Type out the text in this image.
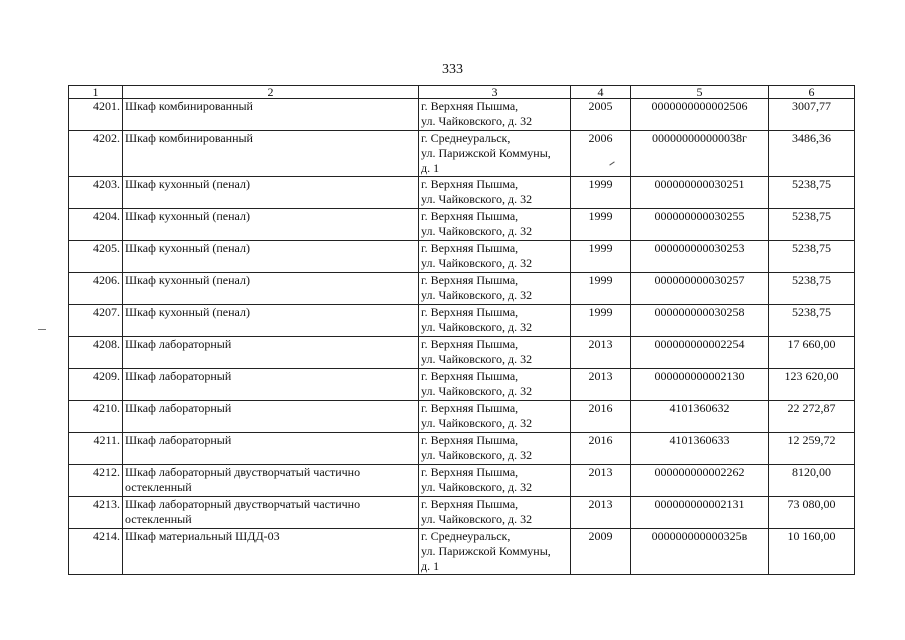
333
1	2	3	4	5	6
4201.	Шкаф комбинированный	г. Верхняя Пышма,
ул. Чайковского, д. 32	2005	0000000000002506	3007,77
4202.	Шкаф комбинированный	г. Среднеуральск,
ул. Парижской Коммуны,
д. 1	2006	000000000000038г	3486,36
4203.	Шкаф кухонный (пенал)	г. Верхняя Пышма,
ул. Чайковского, д. 32	1999	000000000030251	5238,75
4204.	Шкаф кухонный (пенал)	г. Верхняя Пышма,
ул. Чайковского, д. 32	1999	000000000030255	5238,75
4205.	Шкаф кухонный (пенал)	г. Верхняя Пышма,
ул. Чайковского, д. 32	1999	000000000030253	5238,75
4206.	Шкаф кухонный (пенал)	г. Верхняя Пышма,
ул. Чайковского, д. 32	1999	000000000030257	5238,75
4207.	Шкаф кухонный (пенал)	г. Верхняя Пышма,
ул. Чайковского, д. 32	1999	000000000030258	5238,75
4208.	Шкаф лабораторный	г. Верхняя Пышма,
ул. Чайковского, д. 32	2013	000000000002254	17 660,00
4209.	Шкаф лабораторный	г. Верхняя Пышма,
ул. Чайковского, д. 32	2013	000000000002130	123 620,00
4210.	Шкаф лабораторный	г. Верхняя Пышма,
ул. Чайковского, д. 32	2016	4101360632	22 272,87
4211.	Шкаф лабораторный	г. Верхняя Пышма,
ул. Чайковского, д. 32	2016	4101360633	12 259,72
4212.	Шкаф лабораторный двустворчатый частично
остекленный	г. Верхняя Пышма,
ул. Чайковского, д. 32	2013	000000000002262	8120,00
4213.	Шкаф лабораторный двустворчатый частично
остекленный	г. Верхняя Пышма,
ул. Чайковского, д. 32	2013	000000000002131	73 080,00
4214.	Шкаф материальный ШДД-03	г. Среднеуральск,
ул. Парижской Коммуны,
д. 1	2009	000000000000325в	10 160,00
